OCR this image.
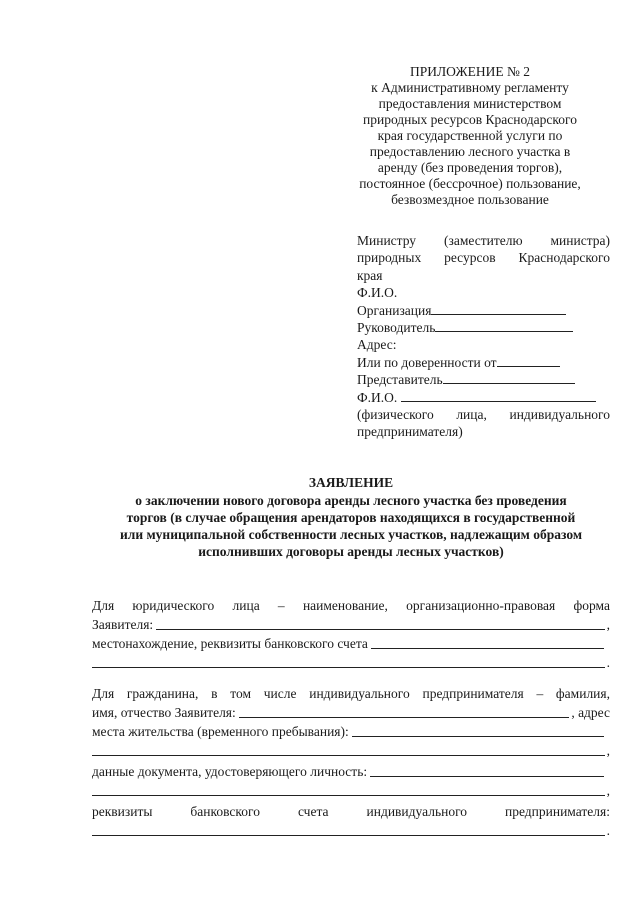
ПРИЛОЖЕНИЕ № 2
к Административному регламенту
предоставления министерством
природных ресурсов Краснодарского
края государственной услуги по
предоставлению лесного участка в
аренду (без проведения торгов),
постоянное (бессрочное) пользование,
безвозмездное пользование
Министру (заместителю министра)
природных ресурсов Краснодарского
края
Ф.И.О.
Организация
Руководитель
Адрес:
Или по доверенности от
Представитель
Ф.И.О.
(физического лица, индивидуального
предпринимателя)
ЗАЯВЛЕНИЕ
о заключении нового договора аренды лесного участка без проведения
торгов (в случае обращения арендаторов находящихся в государственной
или муниципальной собственности лесных участков, надлежащим образом
исполнивших договоры аренды лесных участков)
Для юридического лица – наименование, организационно-правовая форма
Заявителя:	,
местонахождение, реквизиты банковского счета
.
Для гражданина, в том числе индивидуального предпринимателя – фамилия,
имя, отчество Заявителя:	, адрес
места жительства (временного пребывания):
,
данные документа, удостоверяющего личность:
,
реквизиты банковского счета индивидуального предпринимателя:
.
